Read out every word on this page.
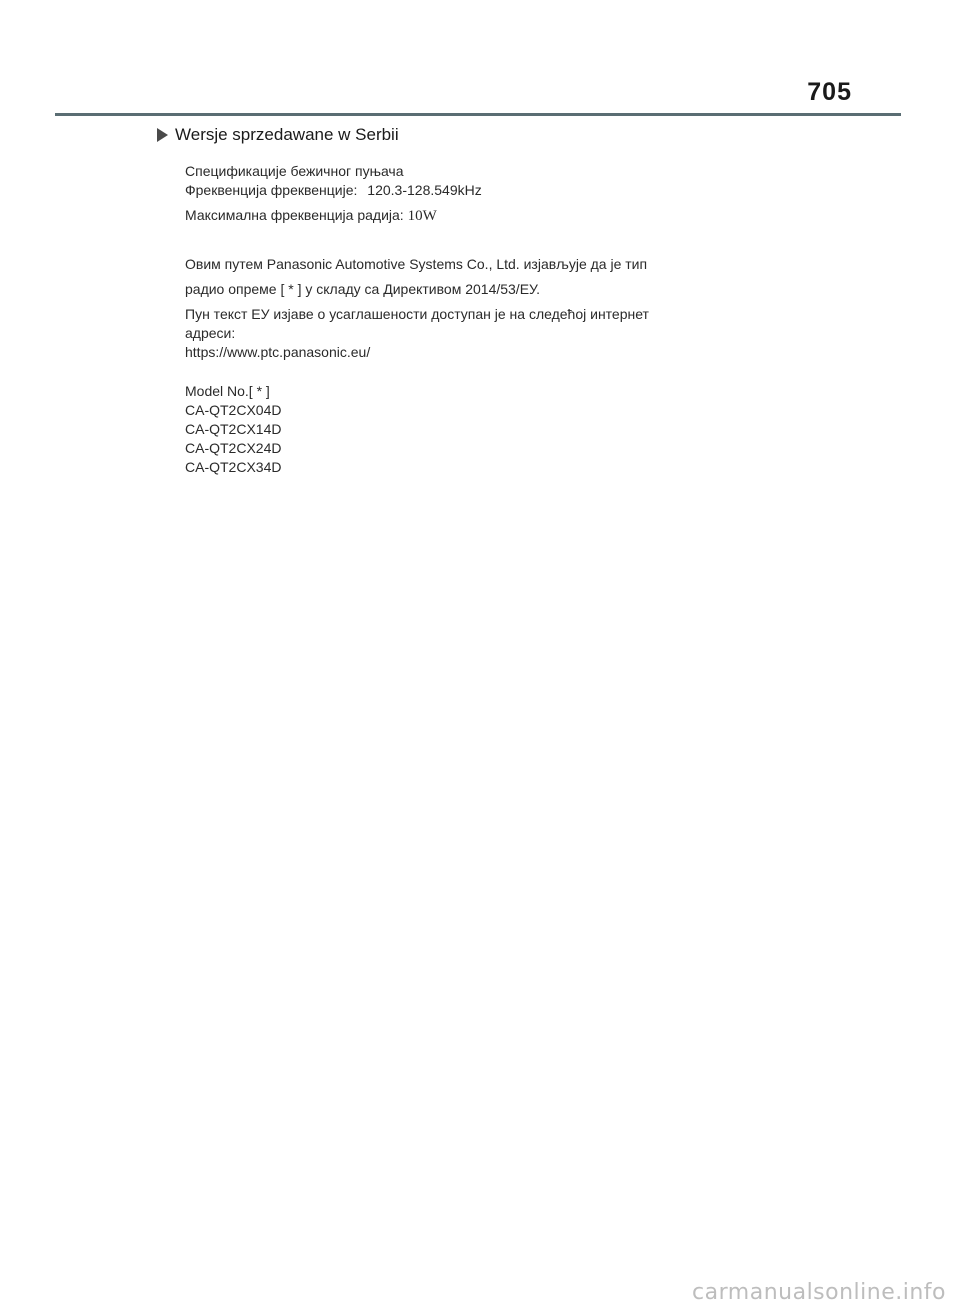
705
Wersje sprzedawane w Serbii
Спецификације бежичног пуњача
Фреквенција фреквенције: 120.3-128.549kHz
Максимална фреквенција радија: 10W
Овим путем Panasonic Automotive Systems Co., Ltd. изјављује да је тип
радио опреме [ * ] у складу са Директивом 2014/53/ЕУ.
Пун текст ЕУ изјаве о усаглашености доступан је на следећој интернет
адреси:
https://www.ptc.panasonic.eu/
Model No.[ * ]
CA-QT2CX04D
CA-QT2CX14D
CA-QT2CX24D
CA-QT2CX34D
carmanualsonline.info
